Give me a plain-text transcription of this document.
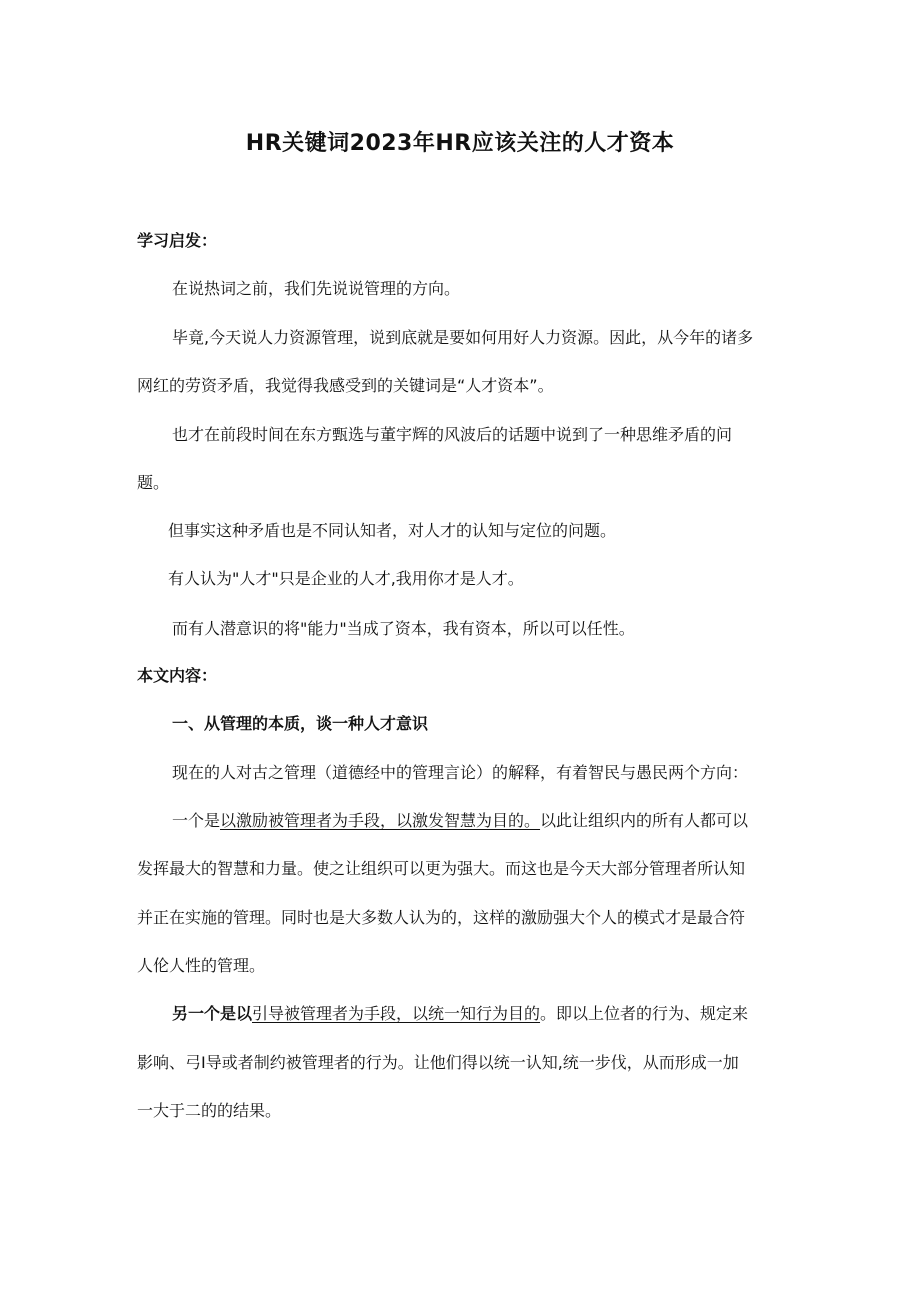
HR关键词2023年HR应该关注的人才资本
学习启发：
在说热词之前，我们先说说管理的方向。
毕竟,今天说人力资源管理，说到底就是要如何用好人力资源。因此，从今年的诸多
网红的劳资矛盾，我觉得我感受到的关键词是“人才资本”。
也才在前段时间在东方甄选与董宇辉的风波后的话题中说到了一种思维矛盾的问
题。
但事实这种矛盾也是不同认知者，对人才的认知与定位的问题。
有人认为"人才"只是企业的人才,我用你才是人才。
而有人潜意识的将"能力"当成了资本，我有资本，所以可以任性。
本文内容：
一、从管理的本质，谈一种人才意识
现在的人对古之管理（道德经中的管理言论）的解释，有着智民与愚民两个方向：
一个是以激励被管理者为手段，以激发智慧为目的。以此让组织内的所有人都可以
发挥最大的智慧和力量。使之让组织可以更为强大。而这也是今天大部分管理者所认知
并正在实施的管理。同时也是大多数人认为的，这样的激励强大个人的模式才是最合符
人伦人性的管理。
另一个是以引导被管理者为手段，以统一知行为目的。即以上位者的行为、规定来
影响、弓I导或者制约被管理者的行为。让他们得以统一认知,统一步伐，从而形成一加
一大于二的的结果。
